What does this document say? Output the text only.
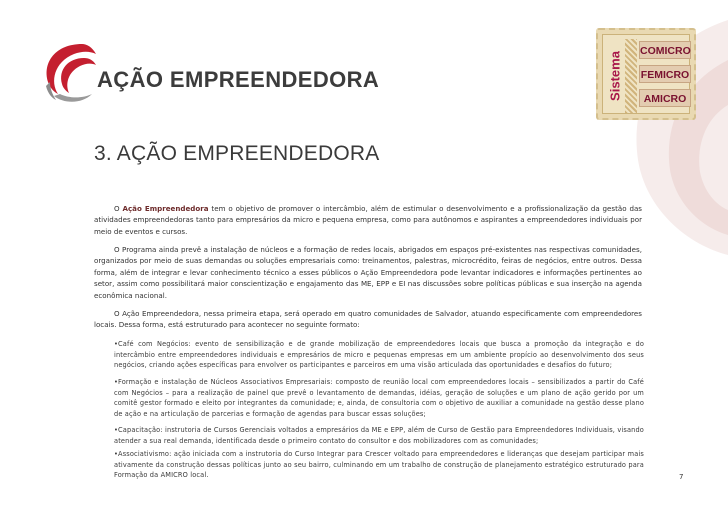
AÇÃO EMPREENDEDORA	Sistema
COMICRO
FEMICRO
AMICRO
3. AÇÃO EMPREENDEDORA
O Ação Empreendedora tem o objetivo de promover o intercâmbio, além de estimular o desenvolvimento e a profissionalização da gestão das atividades empreendedoras tanto para empresários da micro e pequena empresa, como para autônomos e aspirantes a empreendedores individuais por meio de eventos e cursos.
O Programa ainda prevê a instalação de núcleos e a formação de redes locais, abrigados em espaços pré-existentes nas respectivas comunidades, organizados por meio de suas demandas ou soluções empresariais como: treinamentos, palestras, microcrédito, feiras de negócios, entre outros. Dessa forma, além de integrar e levar conhecimento técnico a esses públicos o Ação Empreendedora pode levantar indicadores e informações pertinentes ao setor, assim como possibilitará maior conscientização e engajamento das ME, EPP e EI nas discussões sobre políticas públicas e sua inserção na agenda econômica nacional.
O Ação Empreendedora, nessa primeira etapa, será operado em quatro comunidades de Salvador, atuando especificamente com empreendedores locais. Dessa forma, está estruturado para acontecer no seguinte formato:
•Café com Negócios: evento de sensibilização e de grande mobilização de empreendedores locais que busca a promoção da integração e do intercâmbio entre empreendedores individuais e empresários de micro e pequenas empresas em um ambiente propício ao desenvolvimento dos seus negócios, criando ações específicas para envolver os participantes e parceiros em uma visão articulada das oportunidades e desafios do futuro;
•Formação e instalação de Núcleos Associativos Empresariais: composto de reunião local com empreendedores locais – sensibilizados a partir do Café com Negócios – para a realização de painel que prevê o levantamento de demandas, idéias, geração de soluções e um plano de ação gerido por um comitê gestor formado e eleito por integrantes da comunidade; e, ainda, de consultoria com o objetivo de auxiliar a comunidade na gestão desse plano de ação e na articulação de parcerias e formação de agendas para buscar essas soluções;
•Capacitação: instrutoria de Cursos Gerenciais voltados a empresários da ME e EPP, além de Curso de Gestão para Empreendedores Individuais, visando atender a sua real demanda, identificada desde o primeiro contato do consultor e dos mobilizadores com as comunidades;
•Associativismo: ação iniciada com a instrutoria do Curso Integrar para Crescer voltado para empreendedores e lideranças que desejam participar mais ativamente da construção dessas políticas junto ao seu bairro, culminando em um trabalho de construção de planejamento estratégico estruturado para Formação da AMICRO local.	7
